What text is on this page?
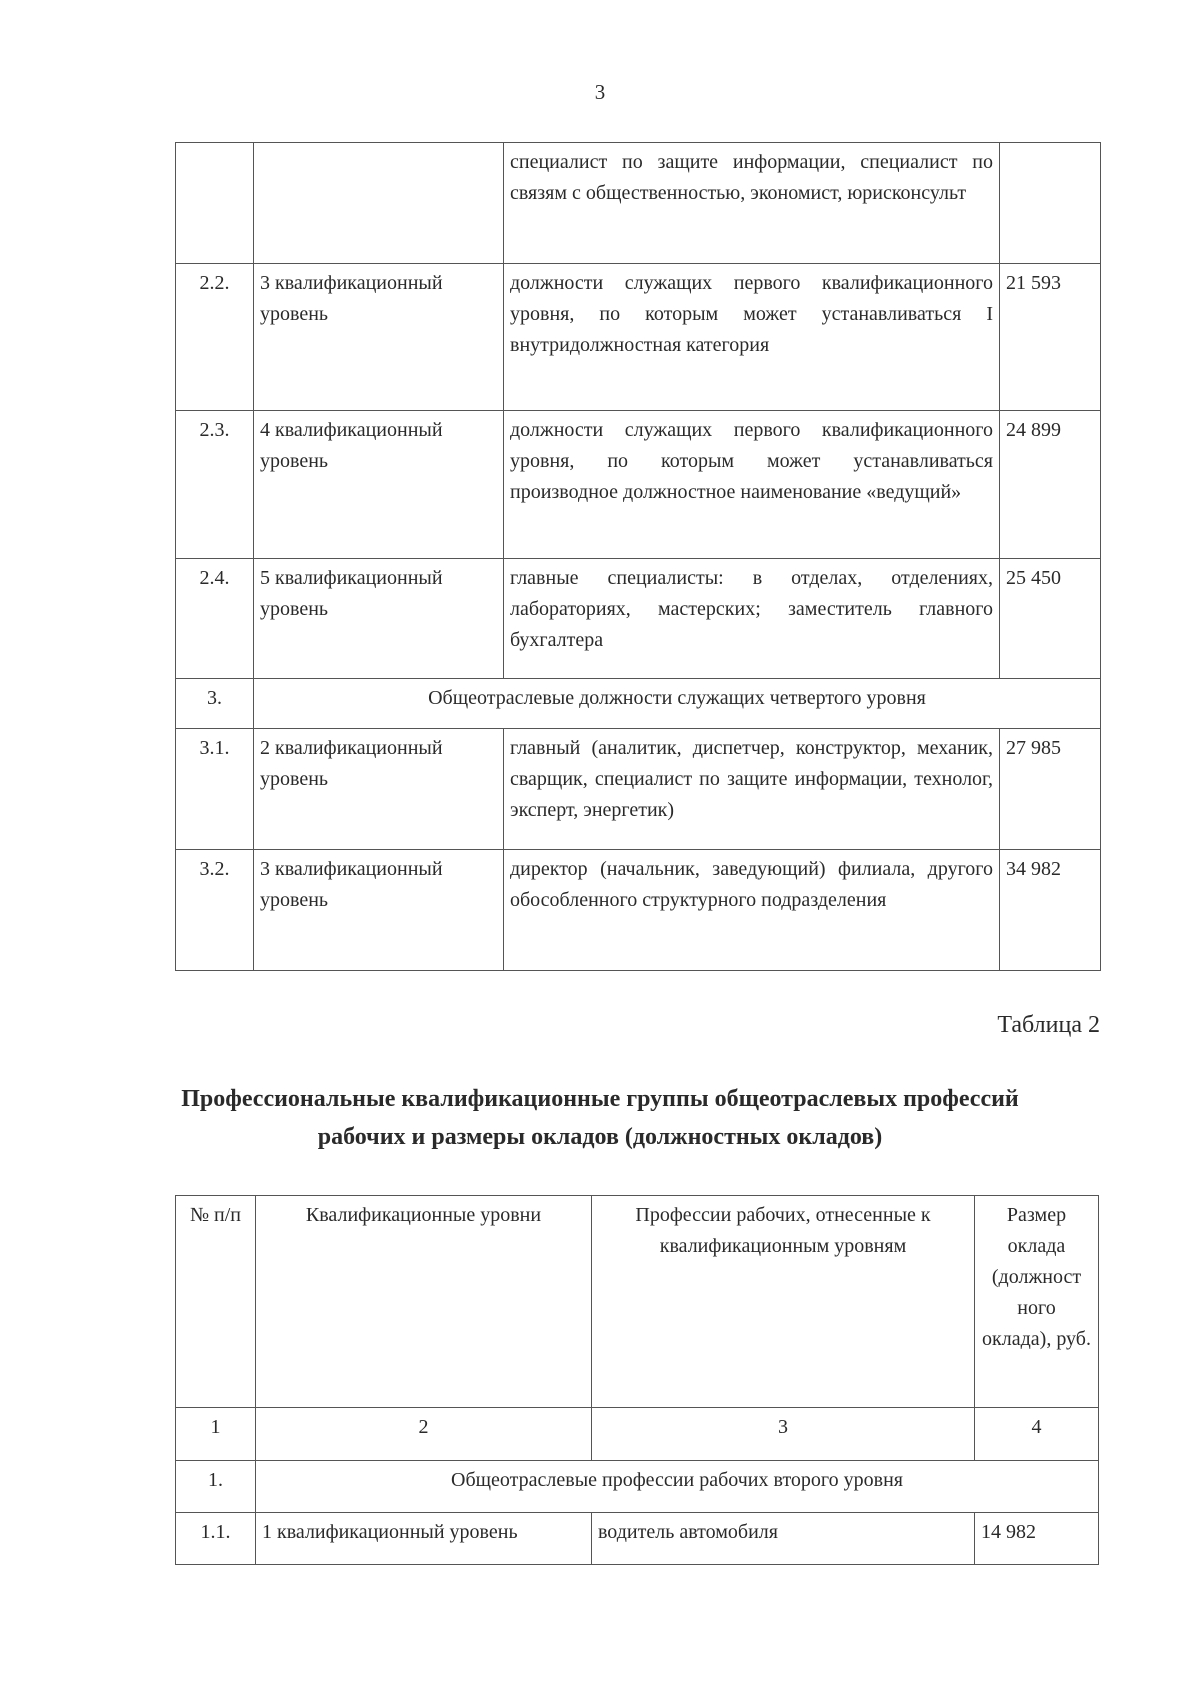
3
		специалист по защите информации, специалист по связям с общественностью, экономист, юрисконсульт	
2.2.	3 квалификационный уровень	должности служащих первого квалификационного уровня, по которым может устанавливаться I внутридолжностная категория	21 593
2.3.	4 квалификационный уровень	должности служащих первого квалификационного уровня, по которым может устанавливаться производное должностное наименование «ведущий»	24 899
2.4.	5 квалификационный уровень	главные специалисты: в отделах, отделениях, лабораториях, мастерских; заместитель главного бухгалтера	25 450
3.	Общеотраслевые должности служащих четвертого уровня		
3.1.	2 квалификационный уровень	главный (аналитик, диспетчер, конструктор, механик, сварщик, специалист по защите информации, технолог, эксперт, энергетик)	27 985
3.2.	3 квалификационный уровень	директор (начальник, заведующий) филиала, другого обособленного структурного подразделения	34 982
Таблица 2
Профессиональные квалификационные группы общеотраслевых профессий рабочих и размеры окладов (должностных окладов)
№ п/п	Квалификационные уровни	Профессии рабочих, отнесенные к квалификационным уровням	Размер оклада (должност ного оклада), руб.
1	2	3	4
1.	Общеотраслевые профессии рабочих второго уровня		
1.1.	1 квалификационный уровень	водитель автомобиля	14 982
